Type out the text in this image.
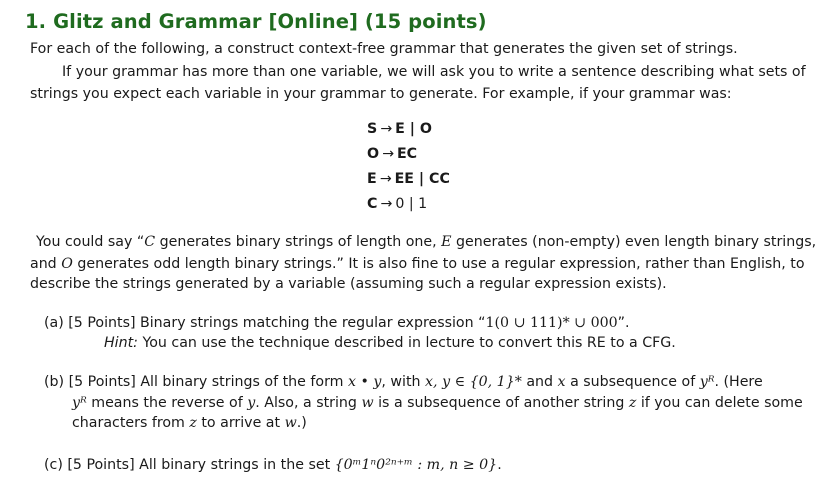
1. Glitz and Grammar [Online] (15 points)
For each of the following, a construct context-free grammar that generates the given set of strings.
If your grammar has more than one variable, we will ask you to write a sentence describing what sets of
strings you expect each variable in your grammar to generate. For example, if your grammar was:
S → E | O
O → EC
E → EE | CC
C → 0 | 1
You could say “C generates binary strings of length one, E generates (non-empty) even length binary strings,
and O generates odd length binary strings.” It is also fine to use a regular expression, rather than English, to
describe the strings generated by a variable (assuming such a regular expression exists).
(a) [5 Points] Binary strings matching the regular expression “1(0 ∪ 111)* ∪ 000”.
Hint: You can use the technique described in lecture to convert this RE to a CFG.
(b) [5 Points] All binary strings of the form x • y, with x, y ∈ {0, 1}* and x a subsequence of yᴿ. (Here
yᴿ means the reverse of y. Also, a string w is a subsequence of another string z if you can delete some
characters from z to arrive at w.)
(c) [5 Points] All binary strings in the set {0ᵐ1ⁿ0²ⁿ⁺ᵐ : m, n ≥ 0}.
